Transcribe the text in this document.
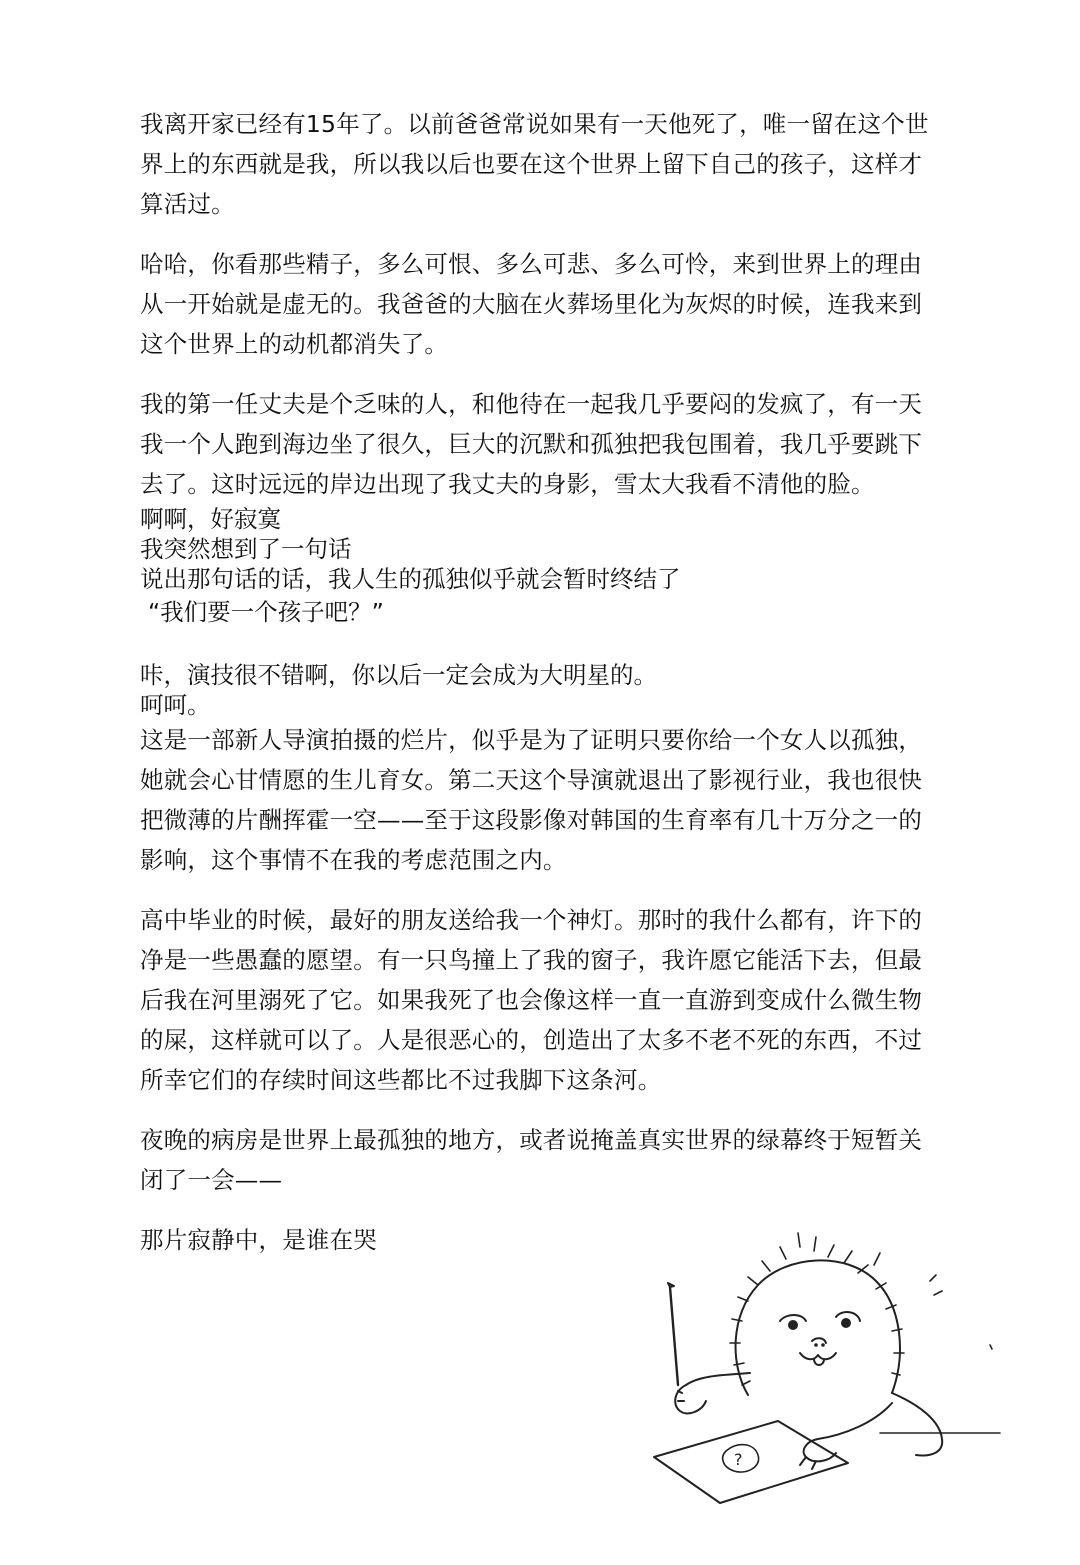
我离开家已经有15年了。以前爸爸常说如果有一天他死了，唯一留在这个世界上的东西就是我，所以我以后也要在这个世界上留下自己的孩子，这样才算活过。

哈哈，你看那些精子，多么可恨、多么可悲、多么可怜，来到世界上的理由从一开始就是虚无的。我爸爸的大脑在火葬场里化为灰烬的时候，连我来到这个世界上的动机都消失了。

我的第一任丈夫是个乏味的人，和他待在一起我几乎要闷的发疯了，有一天我一个人跑到海边坐了很久，巨大的沉默和孤独把我包围着，我几乎要跳下去了。这时远远的岸边出现了我丈夫的身影，雪太大我看不清他的脸。

啊啊，好寂寞

我突然想到了一句话

说出那句话的话，我人生的孤独似乎就会暂时终结了

“我们要一个孩子吧？”

咔，演技很不错啊，你以后一定会成为大明星的。

呵呵。

这是一部新人导演拍摄的烂片，似乎是为了证明只要你给一个女人以孤独，她就会心甘情愿的生儿育女。第二天这个导演就退出了影视行业，我也很快把微薄的片酬挥霍一空——至于这段影像对韩国的生育率有几十万分之一的影响，这个事情不在我的考虑范围之内。

高中毕业的时候，最好的朋友送给我一个神灯。那时的我什么都有，许下的净是一些愚蠢的愿望。有一只鸟撞上了我的窗子，我许愿它能活下去，但最后我在河里溺死了它。如果我死了也会像这样一直一直游到变成什么微生物的屎，这样就可以了。人是很恶心的，创造出了太多不老不死的东西，不过所幸它们的存续时间这些都比不过我脚下这条河。

夜晚的病房是世界上最孤独的地方，或者说掩盖真实世界的绿幕终于短暂关闭了一会——

那片寂静中，是谁在哭

?
